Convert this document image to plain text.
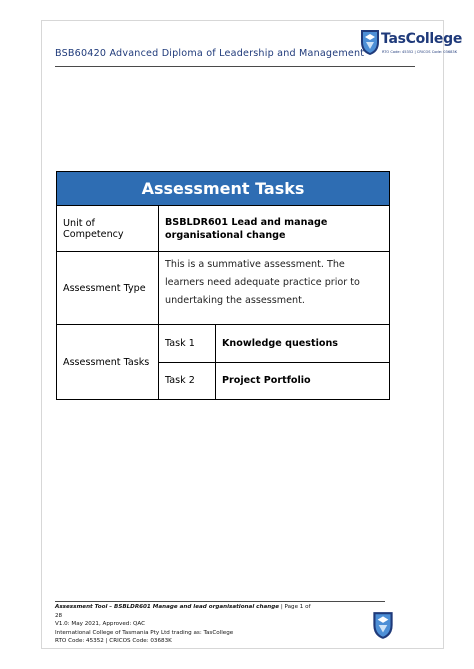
TasCollege
RTO Code: 45352 | CRICOS Code: 03683K
BSB60420 Advanced Diploma of Leadership and Management
Assessment Tasks
Unit of Competency	BSBLDR601 Lead and manage organisational change
Assessment Type	This is a summative assessment. The learners need adequate practice prior to undertaking the assessment.
Assessment Tasks	
Task 1	Knowledge questions
Task 2	Project Portfolio
Assessment Tool – BSBLDR601 Manage and lead organisational change | Page 1 of
28
V1.0: May 2021, Approved: QAC
International College of Tasmania Pty Ltd trading as: TasCollege
RTO Code: 45352 | CRICOS Code: 03683K
